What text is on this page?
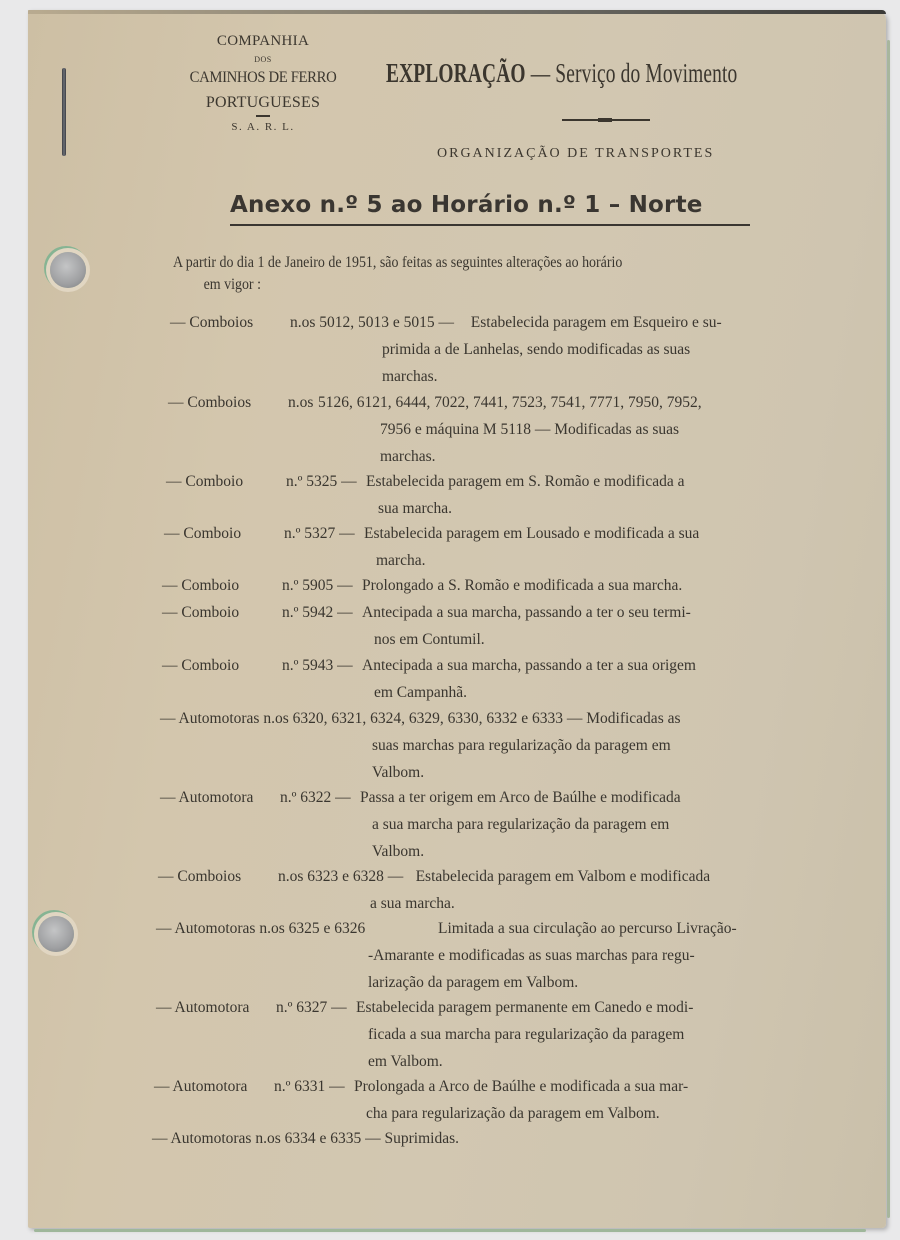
COMPANHIA
DOS
CAMINHOS DE FERRO
PORTUGUESES
S. A. R. L.
EXPLORAÇÃO — Serviço do Movimento
ORGANIZAÇÃO DE TRANSPORTES
Anexo n.º 5 ao Horário n.º 1 – Norte
A partir do dia 1 de Janeiro de 1951, são feitas as seguintes alterações ao horário
em vigor :
— Comboios n.os 5012, 5013 e 5015 — Estabelecida paragem em Esqueiro e su-
primida a de Lanhelas, sendo modificadas as suas
marchas.
— Comboios n.os 5126, 6121, 6444, 7022, 7441, 7523, 7541, 7771, 7950, 7952,
7956 e máquina M 5118 — Modificadas as suas
marchas.
— Comboio	n.º 5325 — Estabelecida paragem em S. Romão e modificada a
sua marcha.
— Comboio	n.º 5327 — Estabelecida paragem em Lousado e modificada a sua
marcha.
— Comboio	n.º 5905 — Prolongado a S. Romão e modificada a sua marcha.
— Comboio	n.º 5942 — Antecipada a sua marcha, passando a ter o seu termi-
nos em Contumil.
— Comboio	n.º 5943 — Antecipada a sua marcha, passando a ter a sua origem
em Campanhã.
— Automotoras n.os 6320, 6321, 6324, 6329, 6330, 6332 e 6333 — Modificadas as
suas marchas para regularização da paragem em
Valbom.
— Automotora n.º 6322 — Passa a ter origem em Arco de Baúlhe e modificada
a sua marcha para regularização da paragem em
Valbom.
— Comboios n.os 6323 e 6328 — Estabelecida paragem em Valbom e modificada
a sua marcha.
— Automotoras n.os 6325 e 6326	Limitada a sua circulação ao percurso Livração-
-Amarante e modificadas as suas marchas para regu-
larização da paragem em Valbom.
— Automotora n.º 6327 — Estabelecida paragem permanente em Canedo e modi-
ficada a sua marcha para regularização da paragem
em Valbom.
— Automotora n.º 6331 — Prolongada a Arco de Baúlhe e modificada a sua mar-
cha para regularização da paragem em Valbom.
— Automotoras n.os 6334 e 6335 — Suprimidas.
